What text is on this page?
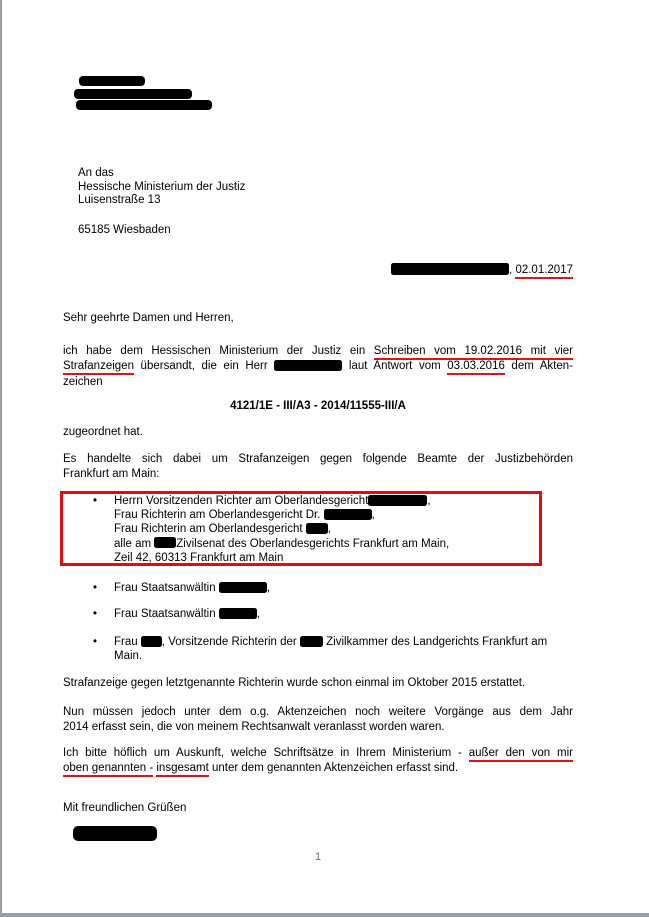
An das
Hessische Ministerium der Justiz
Luisenstraße 13
65185 Wiesbaden
, 02.01.2017
Sehr geehrte Damen und Herren,
ich habe dem Hessischen Ministerium der Justiz ein Schreiben vom 19.02.2016 mit vier
Strafanzeigen übersandt, die ein Herr	laut Antwort vom 03.03.2016 dem Akten-
zeichen
4121/1E - III/A3 - 2014/11555-III/A
zugeordnet hat.
Es handelte sich dabei um Strafanzeigen gegen folgende Beamte der Justizbehörden
Frankfurt am Main:
• Herrn Vorsitzenden Richter am Oberlandesgericht	,
Frau Richterin am Oberlandesgericht Dr.	,
Frau Richterin am Oberlandesgericht ,
alle am Zivilsenat des Oberlandesgerichts Frankfurt am Main,
Zeil 42, 60313 Frankfurt am Main
• Frau Staatsanwältin	,
• Frau Staatsanwältin	,
• Frau , Vorsitzende Richterin der  Zivilkammer des Landgerichts Frankfurt am
Main.
Strafanzeige gegen letztgenannte Richterin wurde schon einmal im Oktober 2015 erstattet.
Nun müssen jedoch unter dem o.g. Aktenzeichen noch weitere Vorgänge aus dem Jahr
2014 erfasst sein, die von meinem Rechtsanwalt veranlasst worden waren.
Ich bitte höflich um Auskunft, welche Schriftsätze in Ihrem Ministerium - außer den von mir
oben genannten - insgesamt unter dem genannten Aktenzeichen erfasst sind.
Mit freundlichen Grüßen
1
